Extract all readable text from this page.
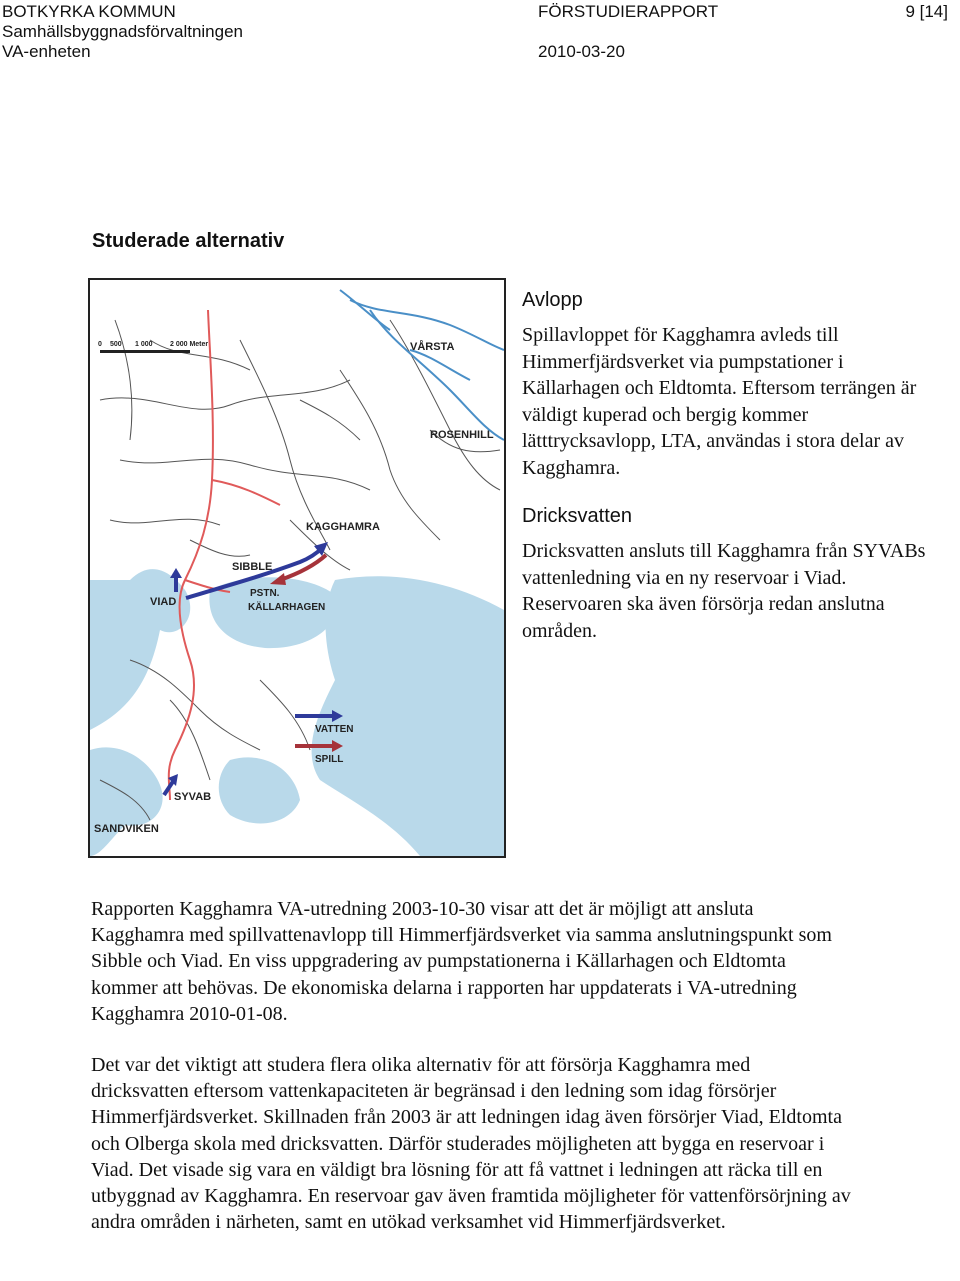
BOTKYRKA KOMMUN
Samhällsbyggnadsförvaltningen
VA-enheten
FÖRSTUDIERAPPORT
2010-03-20
9 [14]
Studerade alternativ
0 500 1 000 2 000 Meter	VÅRSTA
ROSENHILL
KAGGHAMRA
SIBBLE
PSTN.
KÄLLARHAGEN
VIAD
SYVAB
SANDVIKEN
VATTEN
SPILL
Avlopp

Spillavloppet för Kagghamra avleds till Himmerfjärdsverket via pumpstationer i Källarhagen och Eldtomta. Eftersom terrängen är väldigt kuperad och bergig kommer lätttrycksavlopp, LTA, användas i stora delar av Kagghamra.

Dricksvatten

Dricksvatten ansluts till Kagghamra från SYVABs vattenledning via en ny reservoar i Viad. Reservoaren ska även försörja redan anslutna områden.

Rapporten Kagghamra VA-utredning 2003-10-30 visar att det är möjligt att ansluta Kagghamra med spillvattenavlopp till Himmerfjärdsverket via samma anslutningspunkt som Sibble och Viad. En viss uppgradering av pumpstationerna i Källarhagen och Eldtomta kommer att behövas. De ekonomiska delarna i rapporten har uppdaterats i VA-utredning Kagghamra 2010-01-08.

Det var det viktigt att studera flera olika alternativ för att försörja Kagghamra med dricksvatten eftersom vattenkapaciteten är begränsad i den ledning som idag försörjer Himmerfjärdsverket. Skillnaden från 2003 är att ledningen idag även försörjer Viad, Eldtomta och Olberga skola med dricksvatten. Därför studerades möjligheten att bygga en reservoar i Viad. Det visade sig vara en väldigt bra lösning för att få vattnet i ledningen att räcka till en utbyggnad av Kagghamra. En reservoar gav även framtida möjligheter för vattenförsörjning av andra områden i närheten, samt en utökad verksamhet vid Himmerfjärdsverket.
